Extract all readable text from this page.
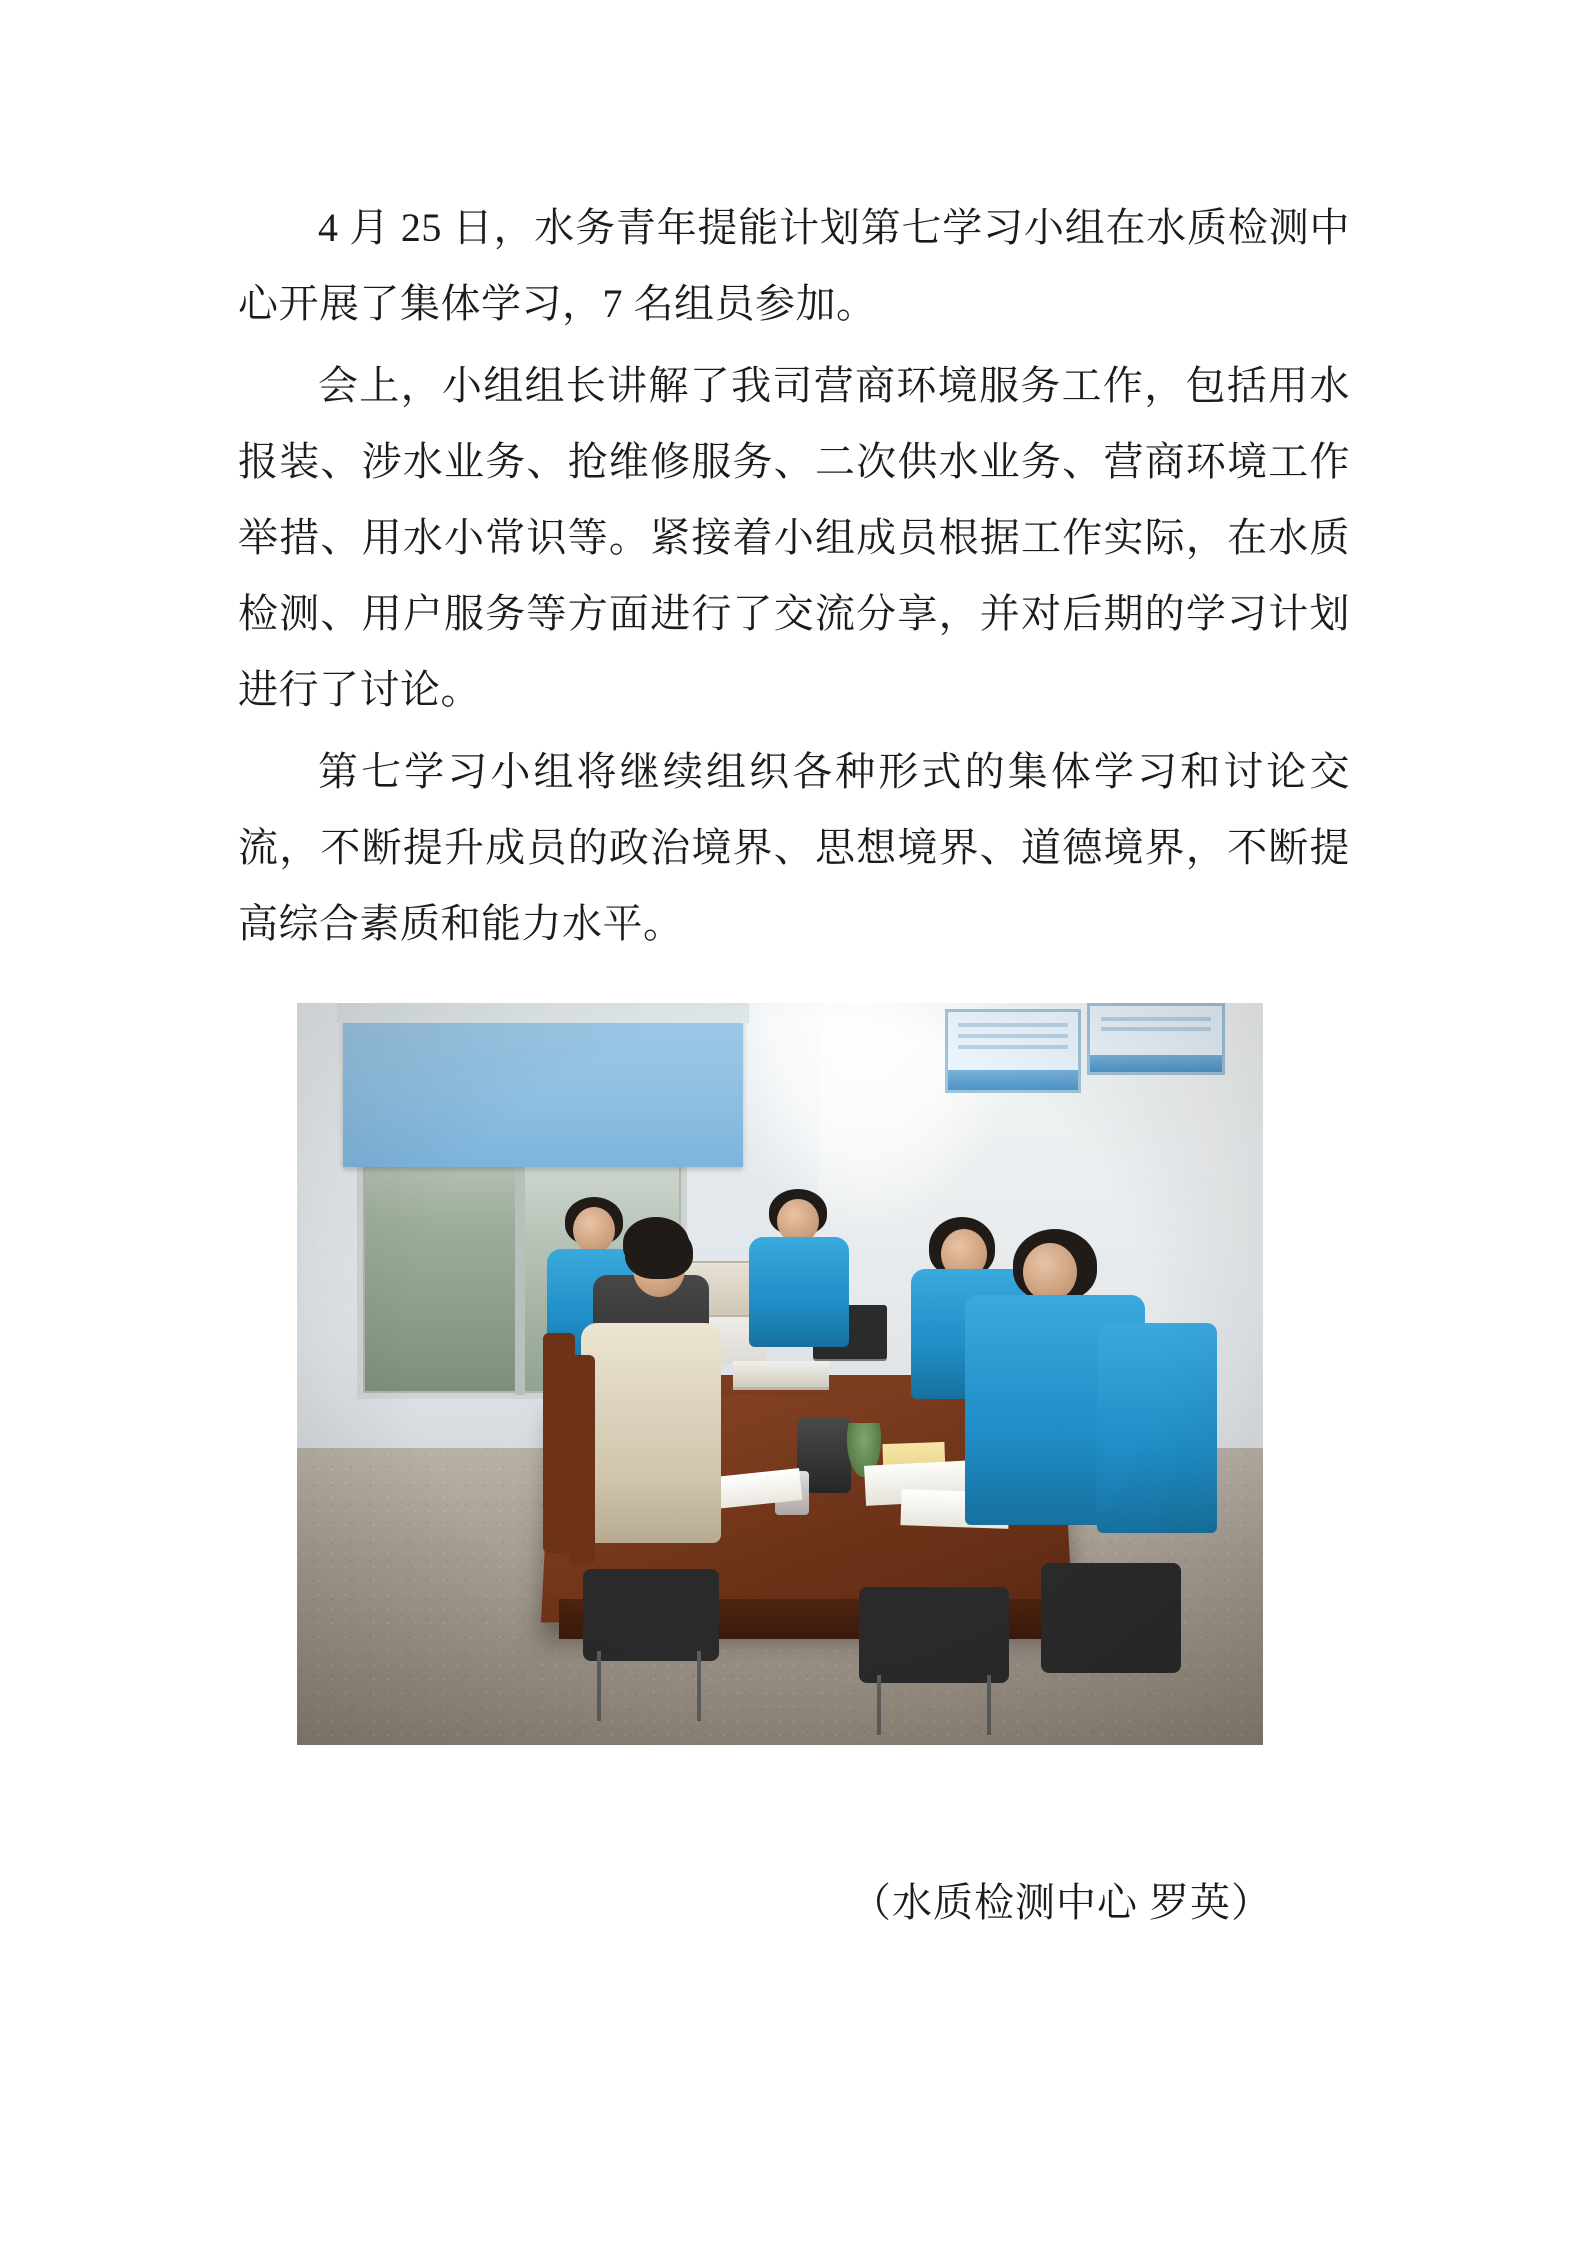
4 月 25 日，水务青年提能计划第七学习小组在水质检测中心开展了集体学习，7 名组员参加。

会上，小组组长讲解了我司营商环境服务工作，包括用水报装、涉水业务、抢维修服务、二次供水业务、营商环境工作举措、用水小常识等。紧接着小组成员根据工作实际，在水质检测、用户服务等方面进行了交流分享，并对后期的学习计划进行了讨论。

第七学习小组将继续组织各种形式的集体学习和讨论交流，不断提升成员的政治境界、思想境界、道德境界，不断提高综合素质和能力水平。

（水质检测中心 罗英）
